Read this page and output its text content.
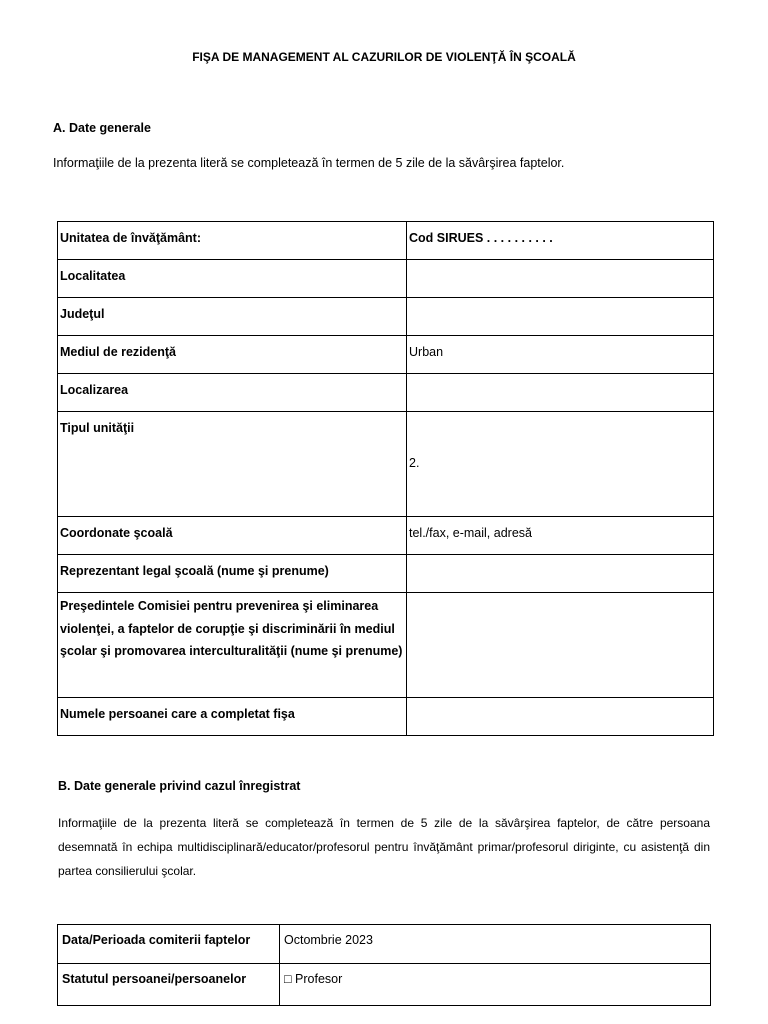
FIŞA DE MANAGEMENT AL CAZURILOR DE VIOLENŢĂ ÎN ŞCOALĂ
A. Date generale

Informaţiile de la prezenta literă se completează în termen de 5 zile de la săvârşirea faptelor.

Unitatea de învăţământ:	Cod SIRUES . . . . . . . . . .
Localitatea	
Judeţul	
Mediul de rezidenţă	Urban
Localizarea	
Tipul unităţii	2.

Coordonate şcoală	tel./fax, e-mail, adresă
Reprezentant legal şcoală (nume şi prenume)	
Preşedintele Comisiei pentru prevenirea şi eliminarea violenţei, a faptelor de corupţie şi discriminării în mediul şcolar şi promovarea interculturalităţii (nume şi prenume)	
Numele persoanei care a completat fişa	
B. Date generale privind cazul înregistrat

Informaţiile de la prezenta literă se completează în termen de 5 zile de la săvârşirea faptelor, de către persoana desemnată în echipa multidisciplinară/educator/profesorul pentru învăţământ primar/profesorul diriginte, cu asistenţă din partea consilierului şcolar.

Data/Perioada comiterii faptelor	Octombrie 2023
Statutul persoanei/persoanelor	□ Profesor
